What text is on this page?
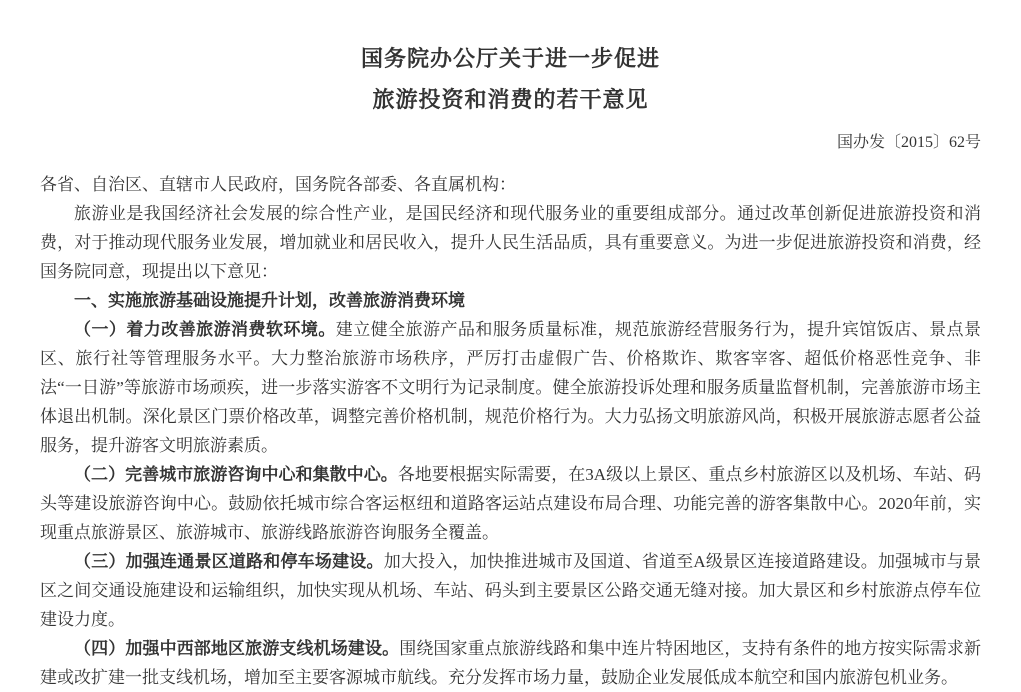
国务院办公厅关于进一步促进
旅游投资和消费的若干意见
国办发〔2015〕62号

各省、自治区、直辖市人民政府，国务院各部委、各直属机构：

旅游业是我国经济社会发展的综合性产业，是国民经济和现代服务业的重要组成部分。通过改革创新促进旅游投资和消费，对于推动现代服务业发展，增加就业和居民收入，提升人民生活品质，具有重要意义。为进一步促进旅游投资和消费，经国务院同意，现提出以下意见：

一、实施旅游基础设施提升计划，改善旅游消费环境

（一）着力改善旅游消费软环境。建立健全旅游产品和服务质量标准，规范旅游经营服务行为，提升宾馆饭店、景点景区、旅行社等管理服务水平。大力整治旅游市场秩序，严厉打击虚假广告、价格欺诈、欺客宰客、超低价格恶性竞争、非法“一日游”等旅游市场顽疾，进一步落实游客不文明行为记录制度。健全旅游投诉处理和服务质量监督机制，完善旅游市场主体退出机制。深化景区门票价格改革，调整完善价格机制，规范价格行为。大力弘扬文明旅游风尚，积极开展旅游志愿者公益服务，提升游客文明旅游素质。

（二）完善城市旅游咨询中心和集散中心。各地要根据实际需要，在3A级以上景区、重点乡村旅游区以及机场、车站、码头等建设旅游咨询中心。鼓励依托城市综合客运枢纽和道路客运站点建设布局合理、功能完善的游客集散中心。2020年前，实现重点旅游景区、旅游城市、旅游线路旅游咨询服务全覆盖。

（三）加强连通景区道路和停车场建设。加大投入，加快推进城市及国道、省道至A级景区连接道路建设。加强城市与景区之间交通设施建设和运输组织，加快实现从机场、车站、码头到主要景区公路交通无缝对接。加大景区和乡村旅游点停车位建设力度。

（四）加强中西部地区旅游支线机场建设。围绕国家重点旅游线路和集中连片特困地区，支持有条件的地方按实际需求新建或改扩建一批支线机场，增加至主要客源城市航线。充分发挥市场力量，鼓励企业发展低成本航空和国内旅游包机业务。
